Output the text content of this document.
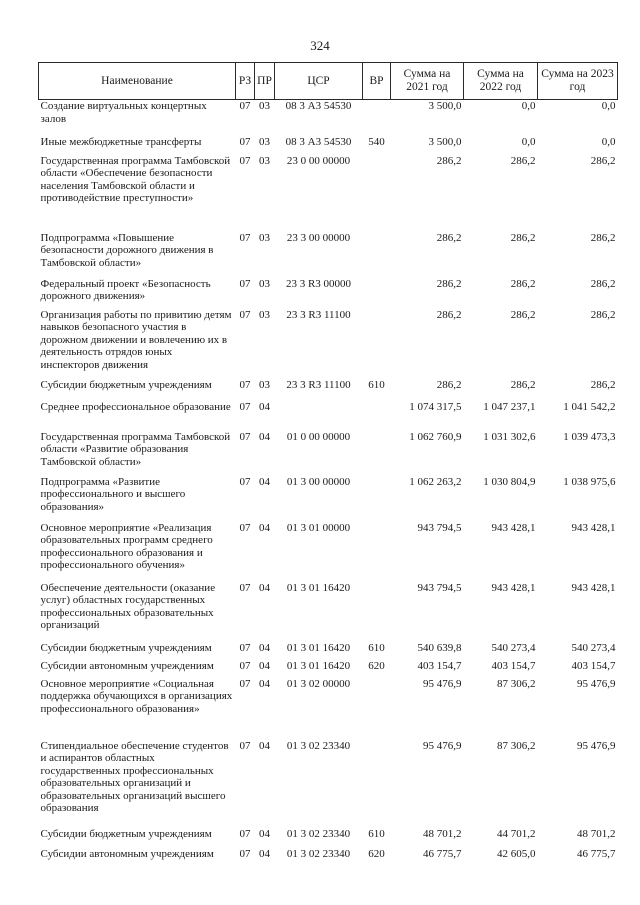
324
Наименование	РЗ	ПР	ЦСР	ВР	Сумма на 2021 год	Сумма на 2022 год	Сумма на 2023 год
Создание виртуальных концертных залов	07	03	08 3 А3 54530		3 500,0	0,0	0,0
Иные межбюджетные трансферты	07	03	08 3 А3 54530	540	3 500,0	0,0	0,0
Государственная программа Тамбовской области «Обеспечение безопасности населения Тамбовской области и противодействие преступности»	07	03	23 0 00 00000		286,2	286,2	286,2
Подпрограмма «Повышение безопасности дорожного движения в Тамбовской области»	07	03	23 3 00 00000		286,2	286,2	286,2
Федеральный проект «Безопасность дорожного движения»	07	03	23 3 R3 00000		286,2	286,2	286,2
Организация работы по привитию детям навыков безопасного участия в дорожном движении и вовлечению их в деятельность отрядов юных инспекторов движения	07	03	23 3 R3 11100		286,2	286,2	286,2
Субсидии бюджетным учреждениям	07	03	23 3 R3 11100	610	286,2	286,2	286,2
Среднее профессиональное образование	07	04			1 074 317,5	1 047 237,1	1 041 542,2
Государственная программа Тамбовской области «Развитие образования Тамбовской области»	07	04	01 0 00 00000		1 062 760,9	1 031 302,6	1 039 473,3
Подпрограмма «Развитие профессионального и высшего образования»	07	04	01 3 00 00000		1 062 263,2	1 030 804,9	1 038 975,6
Основное мероприятие «Реализация образовательных программ среднего профессионального образования и профессионального обучения»	07	04	01 3 01 00000		943 794,5	943 428,1	943 428,1
Обеспечение деятельности (оказание услуг) областных государственных профессиональных образовательных организаций	07	04	01 3 01 16420		943 794,5	943 428,1	943 428,1
Субсидии бюджетным учреждениям	07	04	01 3 01 16420	610	540 639,8	540 273,4	540 273,4
Субсидии автономным учреждениям	07	04	01 3 01 16420	620	403 154,7	403 154,7	403 154,7
Основное мероприятие «Социальная поддержка обучающихся в организациях профессионального образования»	07	04	01 3 02 00000		95 476,9	87 306,2	95 476,9
Стипендиальное обеспечение студентов и аспирантов областных государственных профессиональных образовательных организаций и образовательных организаций высшего образования	07	04	01 3 02 23340		95 476,9	87 306,2	95 476,9
Субсидии бюджетным учреждениям	07	04	01 3 02 23340	610	48 701,2	44 701,2	48 701,2
Субсидии автономным учреждениям	07	04	01 3 02 23340	620	46 775,7	42 605,0	46 775,7
